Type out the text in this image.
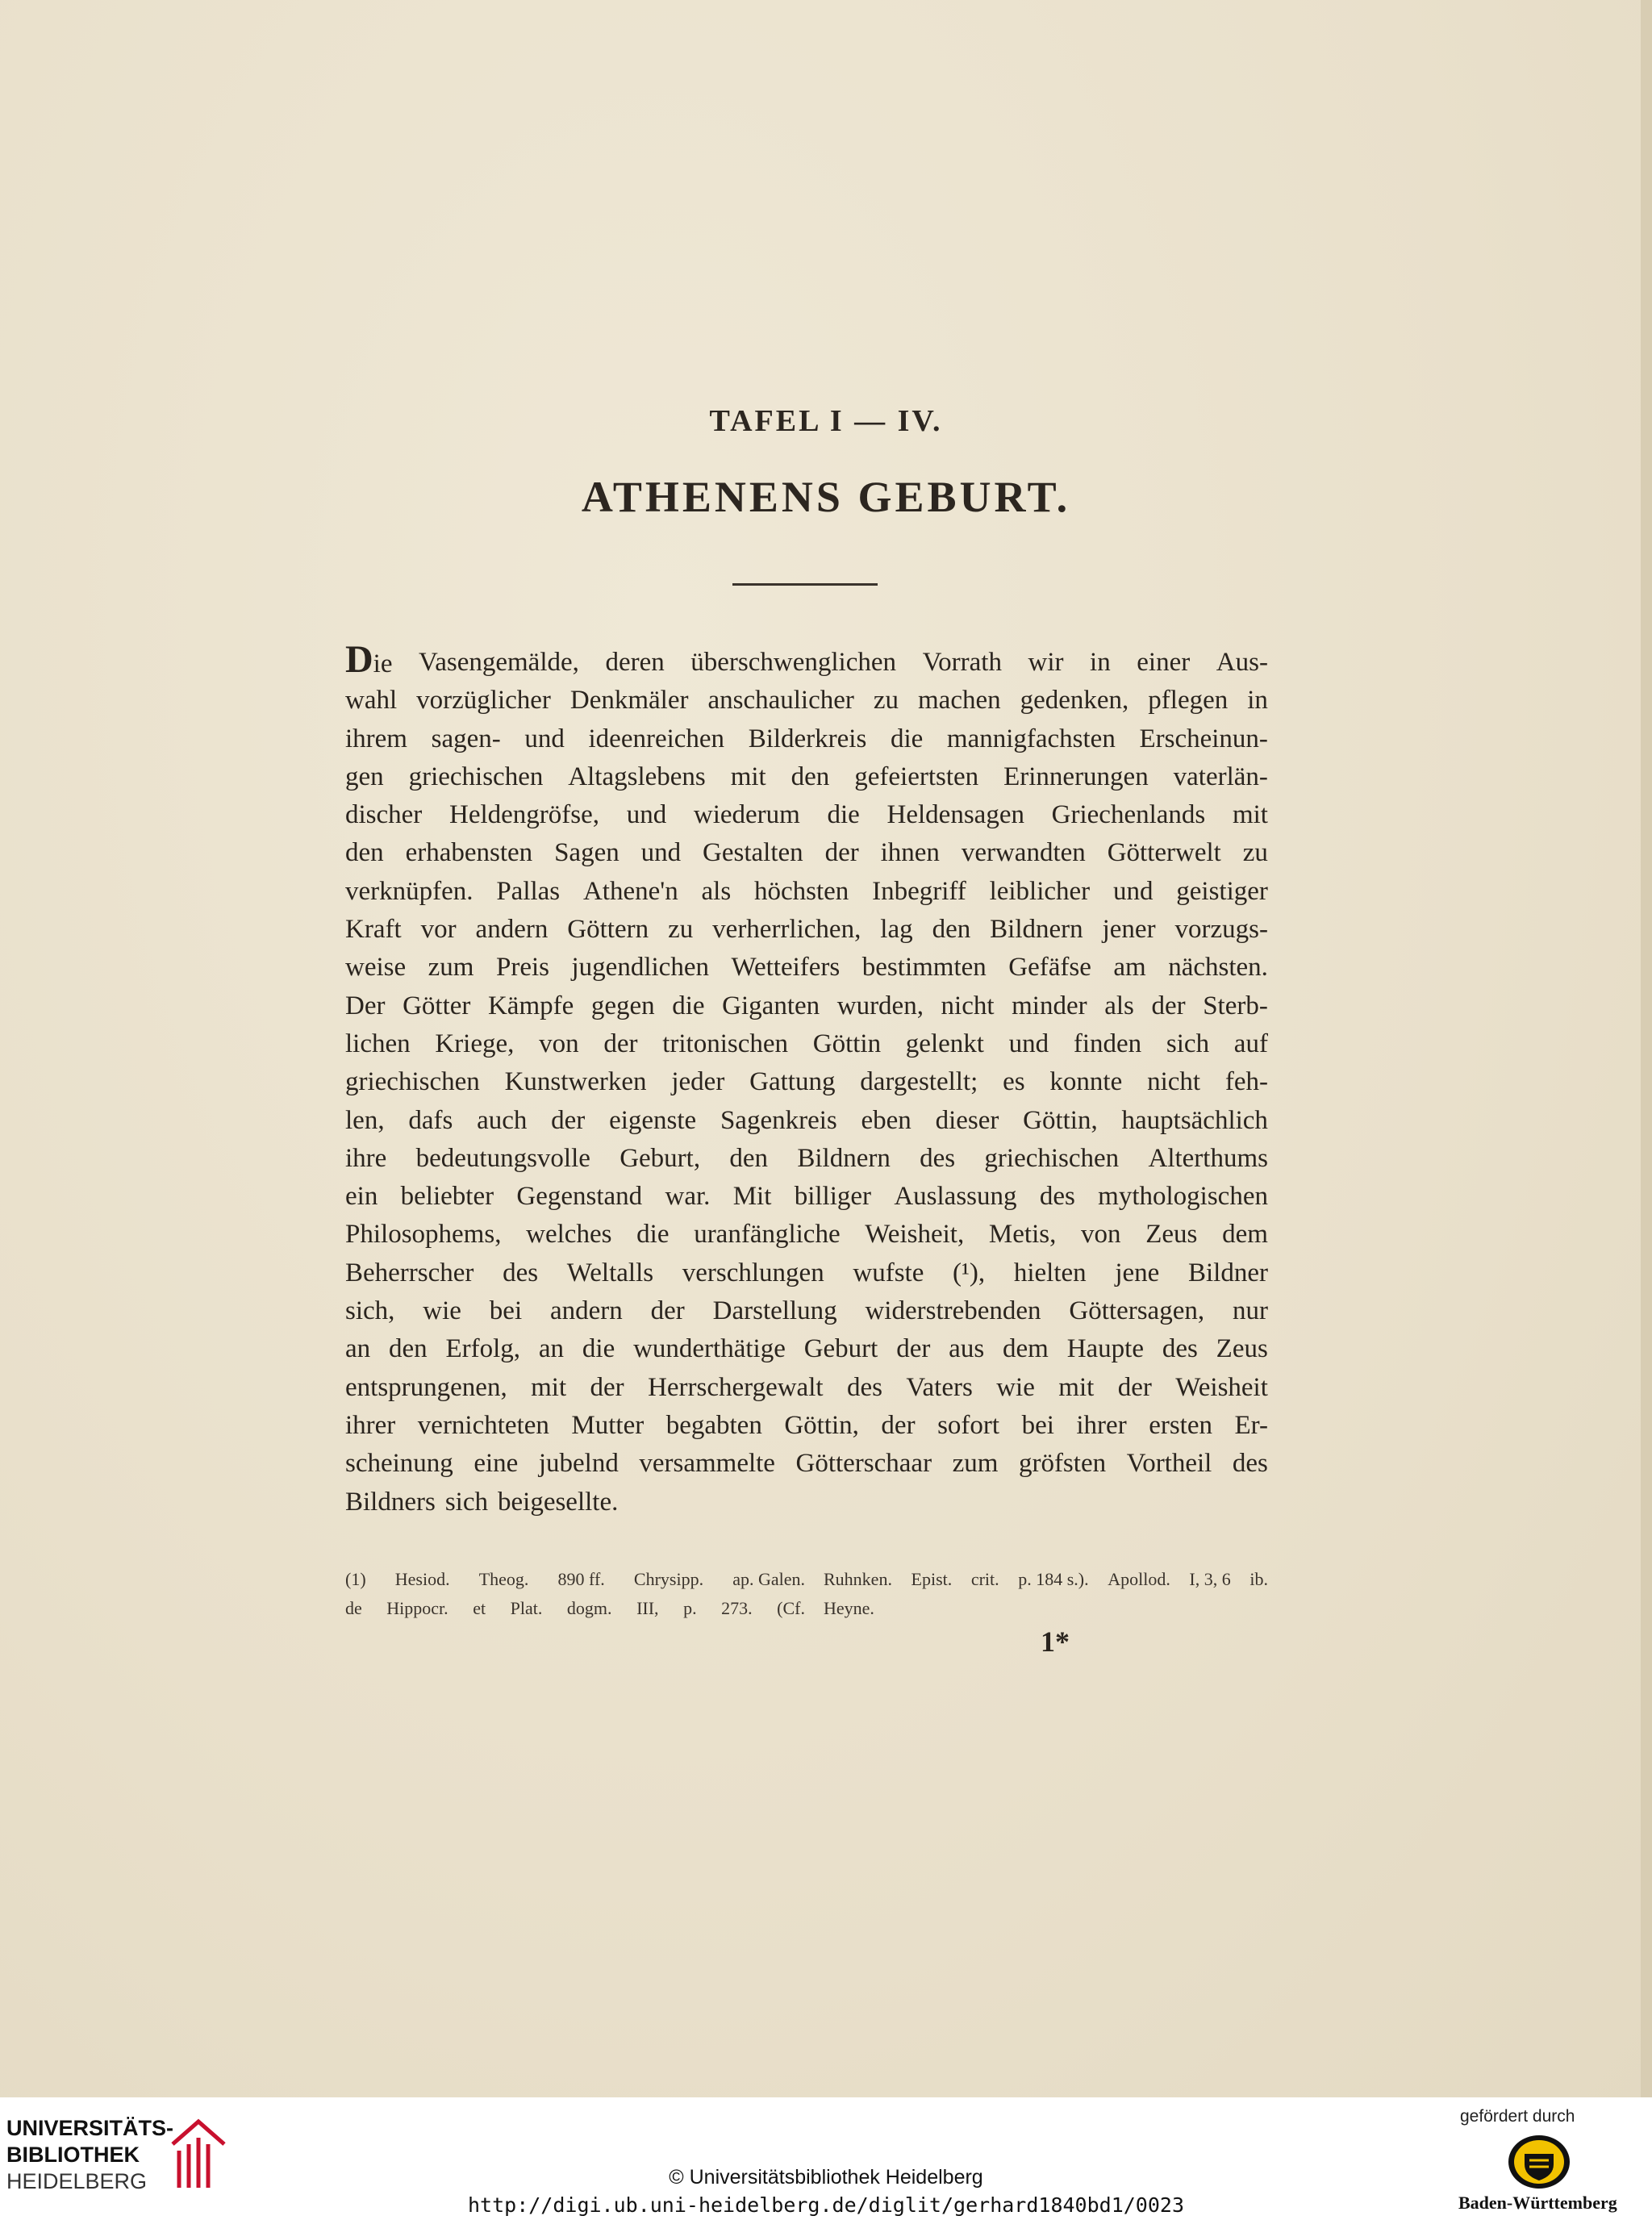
TAFEL I — IV.
ATHENENS GEBURT.
Die Vasengemälde, deren überschwenglichen Vorrath wir in einer Aus-
wahl vorzüglicher Denkmäler anschaulicher zu machen gedenken, pflegen in
ihrem sagen- und ideenreichen Bilderkreis die mannigfachsten Erscheinun-
gen griechischen Altagslebens mit den gefeiertsten Erinnerungen vaterlän-
discher Heldengröfse, und wiederum die Heldensagen Griechenlands mit
den erhabensten Sagen und Gestalten der ihnen verwandten Götterwelt zu
verknüpfen. Pallas Athene'n als höchsten Inbegriff leiblicher und geistiger
Kraft vor andern Göttern zu verherrlichen, lag den Bildnern jener vorzugs-
weise zum Preis jugendlichen Wetteifers bestimmten Gefäfse am nächsten.
Der Götter Kämpfe gegen die Giganten wurden, nicht minder als der Sterb-
lichen Kriege, von der tritonischen Göttin gelenkt und finden sich auf
griechischen Kunstwerken jeder Gattung dargestellt; es konnte nicht feh-
len, dafs auch der eigenste Sagenkreis eben dieser Göttin, hauptsächlich
ihre bedeutungsvolle Geburt, den Bildnern des griechischen Alterthums
ein beliebter Gegenstand war. Mit billiger Auslassung des mythologischen
Philosophems, welches die uranfängliche Weisheit, Metis, von Zeus dem
Beherrscher des Weltalls verschlungen wufste (¹), hielten jene Bildner
sich, wie bei andern der Darstellung widerstrebenden Göttersagen, nur
an den Erfolg, an die wunderthätige Geburt der aus dem Haupte des Zeus
entsprungenen, mit der Herrschergewalt des Vaters wie mit der Weisheit
ihrer vernichteten Mutter begabten Göttin, der sofort bei ihrer ersten Er-
scheinung eine jubelnd versammelte Götterschaar zum gröfsten Vortheil des
Bildners sich beigesellte.
(1) Hesiod. Theog. 890 ff. Chrysipp. ap. Galen.
de Hippocr. et Plat. dogm. III, p. 273. (Cf.
Ruhnken. Epist. crit. p. 184 s.). Apollod. I, 3, 6 ib.
Heyne.
1*

UNIVERSITÄTS-

BIBLIOTHEK

HEIDELBERG	© Universitätsbibliothek Heidelberg

http://digi.ub.uni-heidelberg.de/diglit/gerhard1840bd1/0023

gefördert durch
Baden-Württemberg
